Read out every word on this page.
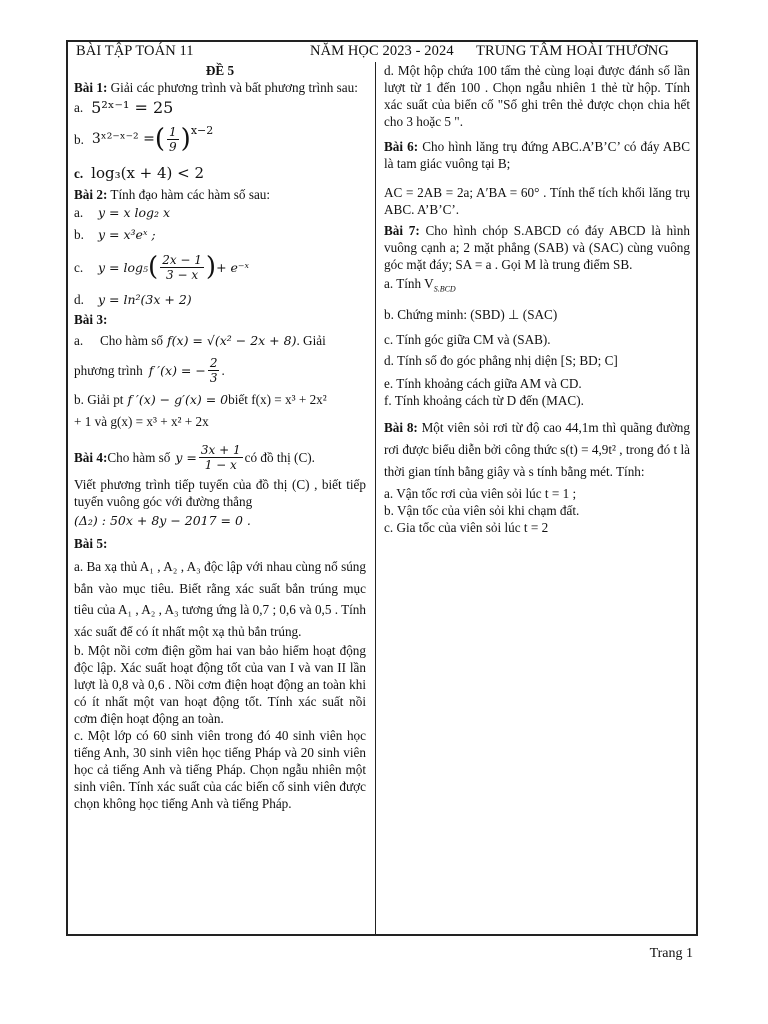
BÀI TẬP TOÁN 11	NĂM HỌC 2023 - 2024 TRUNG TÂM HOÀI THƯƠNG

ĐỀ 5

Bài 1: Giải các phương trình và bất phương trình sau:

a. 5²ˣ⁻¹ = 25
b. 3ˣ²⁻ˣ⁻² = ( $\frac{1}{9} )^{x-2}$
c. log₃(x + 4) < 2

Bài 2: Tính đạo hàm các hàm số sau:

a.	y = x log₂ x
b.	y = x³eˣ ;
c.	y = log₅ ( $\frac{2x - 1}{3 - x}$ ) + e⁻ˣ
d.	y = ln²(3x + 2)

Bài 3:

a.	Cho hàm số f(x) = √(x² − 2x + 8) . Giải
phương trình f ′(x) = − $\frac{2}{3}$ .
b. Giải pt f ′(x) − g′(x) = 0 biết f(x) = x³ + 2x²

+ 1 và g(x) = x³ + x² + 2x

Bài 4: Cho hàm số $y = \frac{3x + 1}{1 - x}$ có đồ thị (C).

Viết phương trình tiếp tuyến của đồ thị (C) , biết tiếp tuyến vuông góc với đường thẳng

(Δ₂) : 50x + 8y − 2017 = 0 .

Bài 5:

a. Ba xạ thủ A₁ , A₂ , A₃ độc lập với nhau cùng nổ súng bắn vào mục tiêu. Biết rằng xác suất bắn trúng mục tiêu của A₁ , A₂ , A₃ tương ứng là 0,7 ; 0,6 và 0,5 . Tính xác suất để có ít nhất một xạ thủ bắn trúng.

b. Một nồi cơm điện gồm hai van bảo hiểm hoạt động độc lập. Xác suất hoạt động tốt của van I và van II lần lượt là 0,8 và 0,6 . Nồi cơm điện hoạt động an toàn khi có ít nhất một van hoạt động tốt. Tính xác suất nồi cơm điện hoạt động an toàn.

c. Một lớp có 60 sinh viên trong đó 40 sinh viên học tiếng Anh, 30 sinh viên học tiếng Pháp và 20 sinh viên học cả tiếng Anh và tiếng Pháp. Chọn ngẫu nhiên một sinh viên. Tính xác suất của các biến cố sinh viên được chọn không học tiếng Anh và tiếng Pháp.

d. Một hộp chứa 100 tấm thẻ cùng loại được đánh số lần lượt từ 1 đến 100 . Chọn ngẫu nhiên 1 thẻ từ hộp. Tính xác suất của biến cố "Số ghi trên thẻ được chọn chia hết cho 3 hoặc 5 ".

Bài 6: Cho hình lăng trụ đứng ABC.A’B’C’ có đáy ABC là tam giác vuông tại B;

AC = 2AB = 2a; A′BA = 60° . Tính thể tích khối lăng trụ ABC. A’B’C’.

Bài 7: Cho hình chóp S.ABCD có đáy ABCD là hình vuông cạnh a; 2 mặt phẳng (SAB) và (SAC) cùng vuông góc mặt đáy; SA = a . Gọi M là trung điểm SB.

a. Tính $V_{S.BCD}$

b. Chứng minh: (SBD) ⊥ (SAC)

c. Tính góc giữa CM và (SAB).

d. Tính số đo góc phẳng nhị diện [S; BD; C]

e. Tính khoảng cách giữa AM và CD.

f. Tính khoảng cách từ D đến (MAC).

Bài 8: Một viên sỏi rơi từ độ cao 44,1m thì quãng đường rơi được biểu diễn bởi công thức s(t) = 4,9t² , trong đó t là thời gian tính bằng giây và s tính bằng mét. Tính:

a. Vận tốc rơi của viên sỏi lúc t = 1 ;

b. Vận tốc của viên sỏi khi chạm đất.

c. Gia tốc của viên sỏi lúc t = 2

Trang 1
